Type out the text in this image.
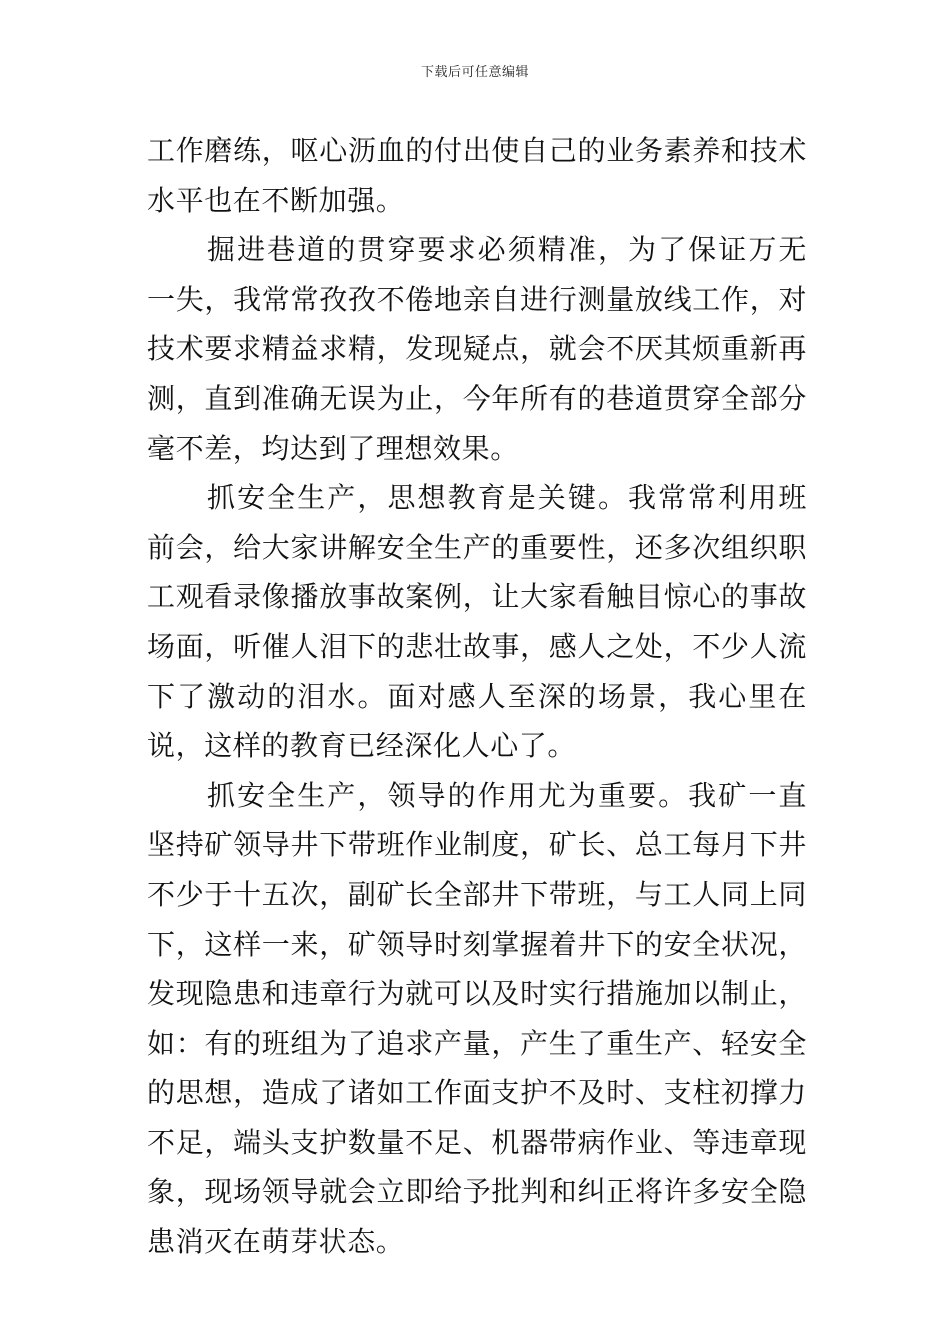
下载后可任意编辑

工作磨练，呕心沥血的付出使自己的业务素养和技术水平也在不断加强。

掘进巷道的贯穿要求必须精准，为了保证万无一失，我常常孜孜不倦地亲自进行测量放线工作，对技术要求精益求精，发现疑点，就会不厌其烦重新再测，直到准确无误为止，今年所有的巷道贯穿全部分毫不差，均达到了理想效果。

抓安全生产，思想教育是关键。我常常利用班前会，给大家讲解安全生产的重要性，还多次组织职工观看录像播放事故案例，让大家看触目惊心的事故场面，听催人泪下的悲壮故事，感人之处，不少人流下了激动的泪水。面对感人至深的场景，我心里在说，这样的教育已经深化人心了。

抓安全生产，领导的作用尤为重要。我矿一直坚持矿领导井下带班作业制度，矿长、总工每月下井不少于十五次，副矿长全部井下带班，与工人同上同下，这样一来，矿领导时刻掌握着井下的安全状况，发现隐患和违章行为就可以及时实行措施加以制止，如：有的班组为了追求产量，产生了重生产、轻安全的思想，造成了诸如工作面支护不及时、支柱初撑力不足，端头支护数量不足、机器带病作业、等违章现象，现场领导就会立即给予批判和纠正将许多安全隐患消灭在萌芽状态。
